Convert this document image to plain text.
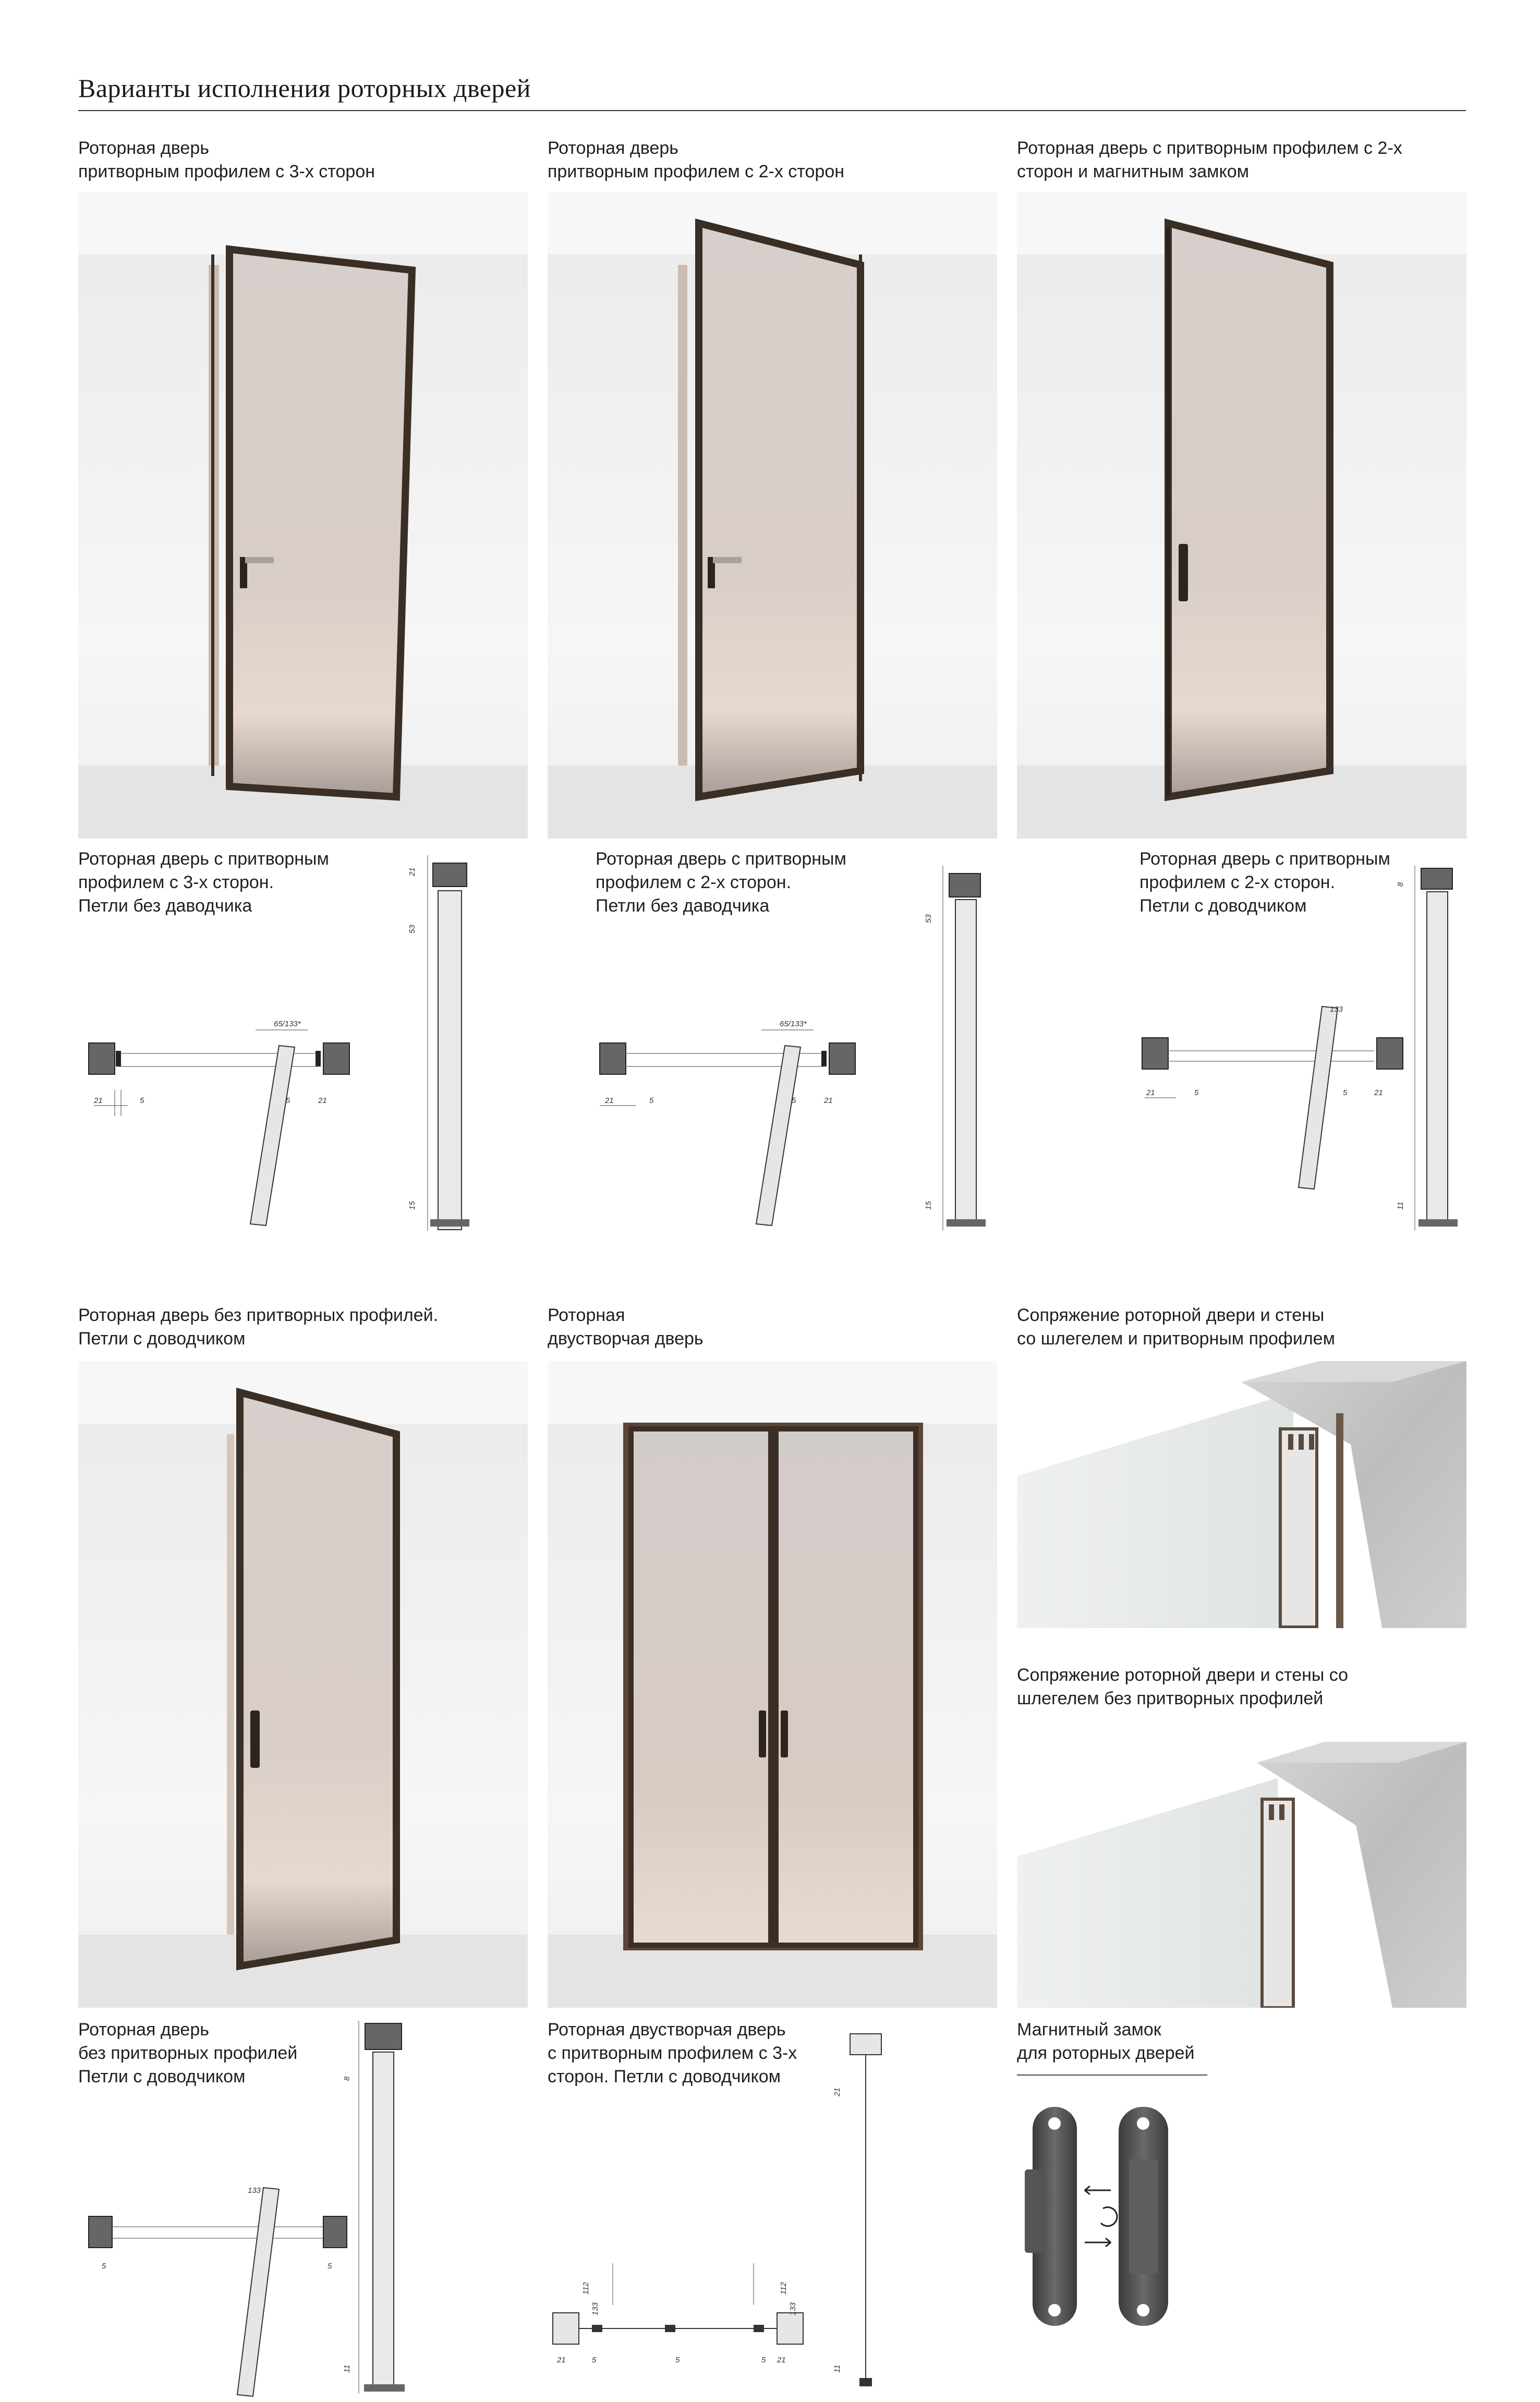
Варианты исполнения роторных дверей
Роторная дверь
притворным профилем с 3-х сторон
Роторная дверь
притворным профилем с 2-х сторон
Роторная дверь с притворным профилем с 2-х
сторон и магнитным замком
Роторная дверь с притворным
профилем с 3-х сторон.
Петли без даводчика
21	5
65/133*
5	21
21
53
15
Роторная дверь с притворным
профилем с 2-х сторон.
Петли без даводчика
21	5
65/133*
5	21
53
15
Роторная дверь с притворным
профилем с 2-х сторон.
Петли с доводчиком
21	5
133
5	21
8
11
Роторная дверь без притворных профилей.
Петли с доводчиком
Роторная
двустворчая дверь
Сопряжение роторной двери и стены
со шлегелем и притворным профилем
Сопряжение роторной двери и стены со
шлегелем без притворных профилей
Роторная дверь
без притворных профилей
Петли с доводчиком
133
5	5
8
11
Роторная двустворчая дверь
с притворным профилем с 3-х
сторон. Петли с доводчиком
21
11
112
133
112
133
21	5	5	21
5
Магнитный замок
для роторных дверей
